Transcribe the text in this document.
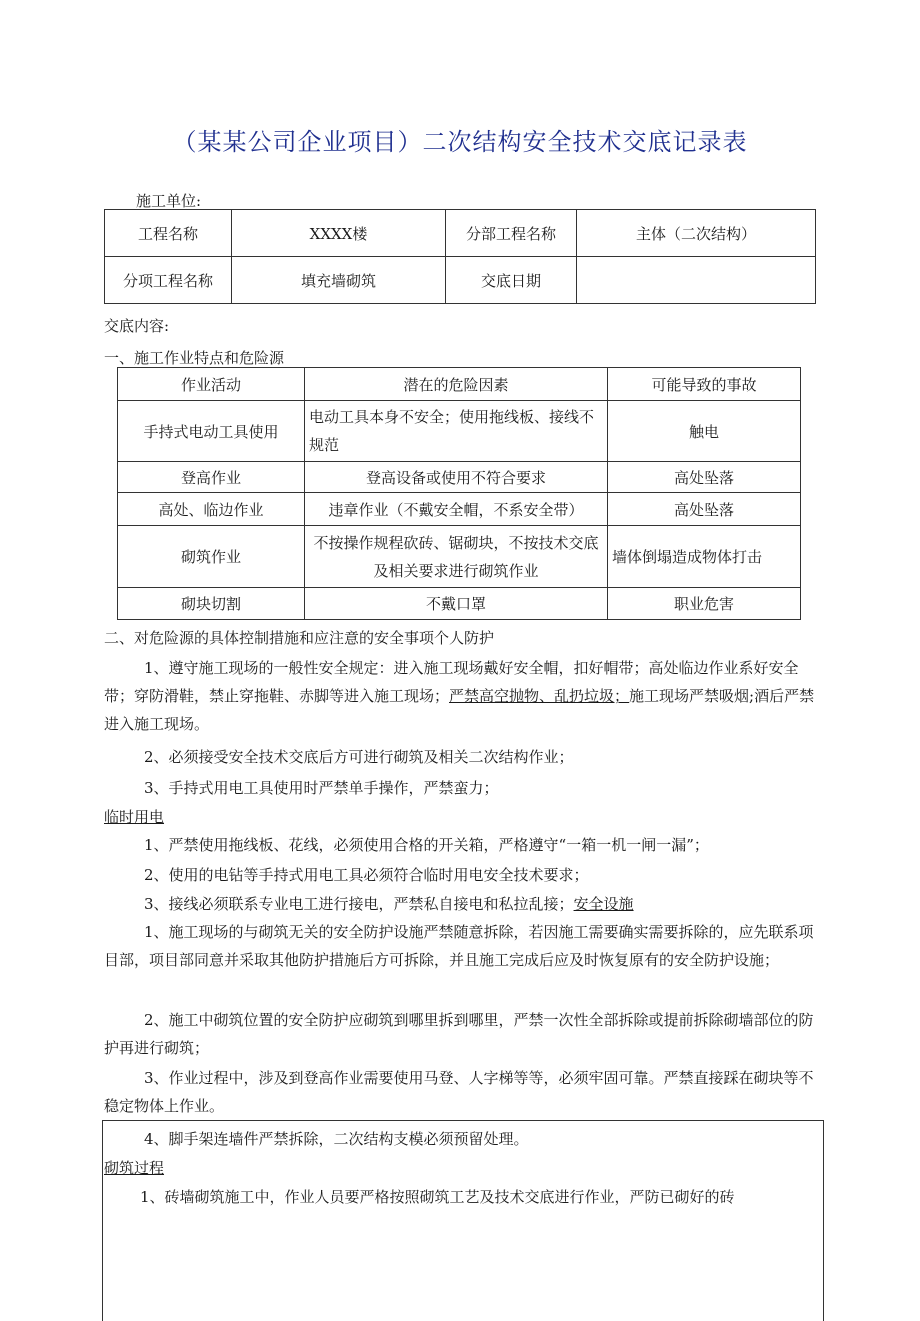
（某某公司企业项目）二次结构安全技术交底记录表
施工单位:
工程名称	XXXX楼	分部工程名称	主体（二次结构）
分项工程名称	填充墙砌筑	交底日期	
交底内容:
一、施工作业特点和危险源
作业活动	潜在的危险因素	可能导致的事故
手持式电动工具使用	电动工具本身不安全；使用拖线板、接线不规范	触电
登高作业	登高设备或使用不符合要求	高处坠落
高处、临边作业	违章作业（不戴安全帽，不系安全带）	高处坠落
砌筑作业	不按操作规程砍砖、锯砌块，不按技术交底及相关要求进行砌筑作业	墙体倒塌造成物体打击
砌块切割	不戴口罩	职业危害
二、对危险源的具体控制措施和应注意的安全事项个人防护
1、遵守施工现场的一般性安全规定：进入施工现场戴好安全帽，扣好帽带；高处临边作业系好安全带；穿防滑鞋，禁止穿拖鞋、赤脚等进入施工现场；严禁高空抛物、乱扔垃圾；施工现场严禁吸烟;酒后严禁进入施工现场。
2、必须接受安全技术交底后方可进行砌筑及相关二次结构作业；
3、手持式用电工具使用时严禁单手操作，严禁蛮力；
临时用电
1、严禁使用拖线板、花线，必须使用合格的开关箱，严格遵守“一箱一机一闸一漏”；
2、使用的电钻等手持式用电工具必须符合临时用电安全技术要求；
3、接线必须联系专业电工进行接电，严禁私自接电和私拉乱接；安全设施
1、施工现场的与砌筑无关的安全防护设施严禁随意拆除，若因施工需要确实需要拆除的，应先联系项目部，项目部同意并采取其他防护措施后方可拆除，并且施工完成后应及时恢复原有的安全防护设施；
2、施工中砌筑位置的安全防护应砌筑到哪里拆到哪里，严禁一次性全部拆除或提前拆除砌墙部位的防护再进行砌筑；
3、作业过程中，涉及到登高作业需要使用马登、人字梯等等，必须牢固可靠。严禁直接踩在砌块等不稳定物体上作业。
4、脚手架连墙件严禁拆除，二次结构支模必须预留处理。
砌筑过程
1、砖墙砌筑施工中，作业人员要严格按照砌筑工艺及技术交底进行作业，严防已砌好的砖
